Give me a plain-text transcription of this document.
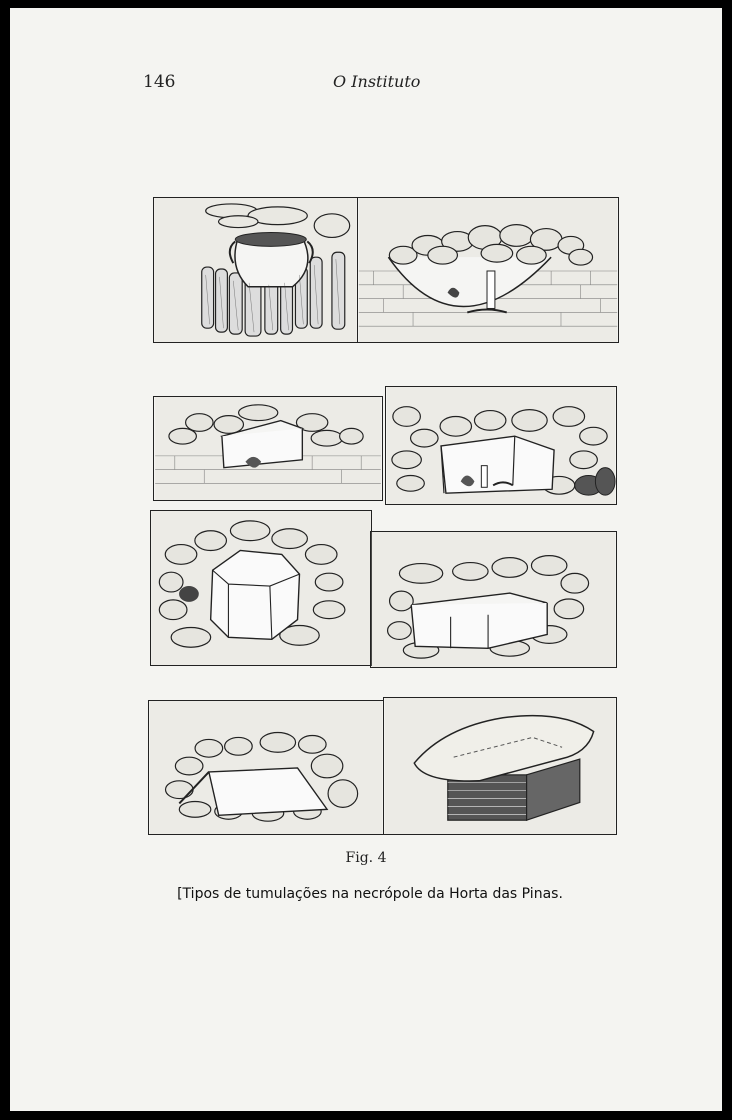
146	O Instituto
Fig. 4
[Tipos de tumulações na necrópole da Horta das Pinas.
